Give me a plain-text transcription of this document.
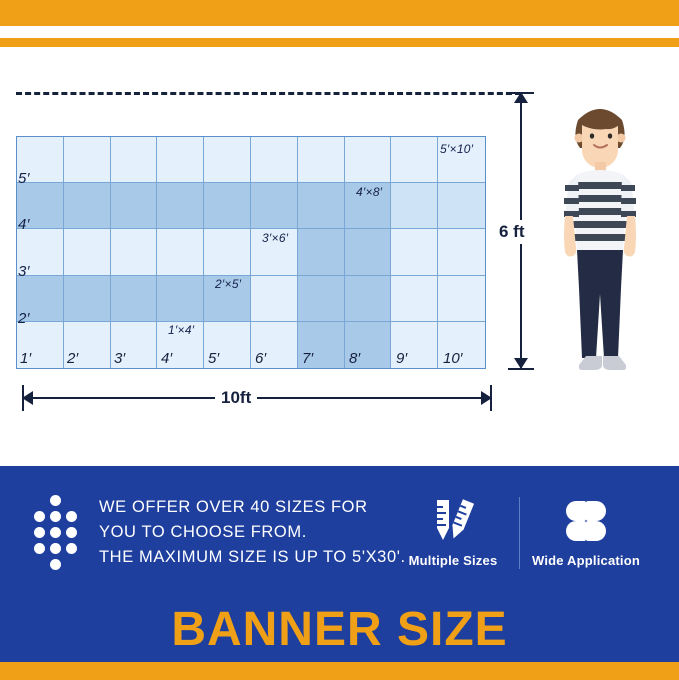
1′×4′
2′×5′
3′×6′
4′×8′
5′×10′
5′
4′
3′
2′
1′	2′	3′	4′	5′	6′	7′	8′	9′	10′
6 ft
10ft
WE OFFER OVER 40 SIZES FOR
YOU TO CHOOSE FROM.
THE MAXIMUM SIZE IS UP TO 5'X30'. Multiple Sizes	Wide Application
BANNER SIZE
